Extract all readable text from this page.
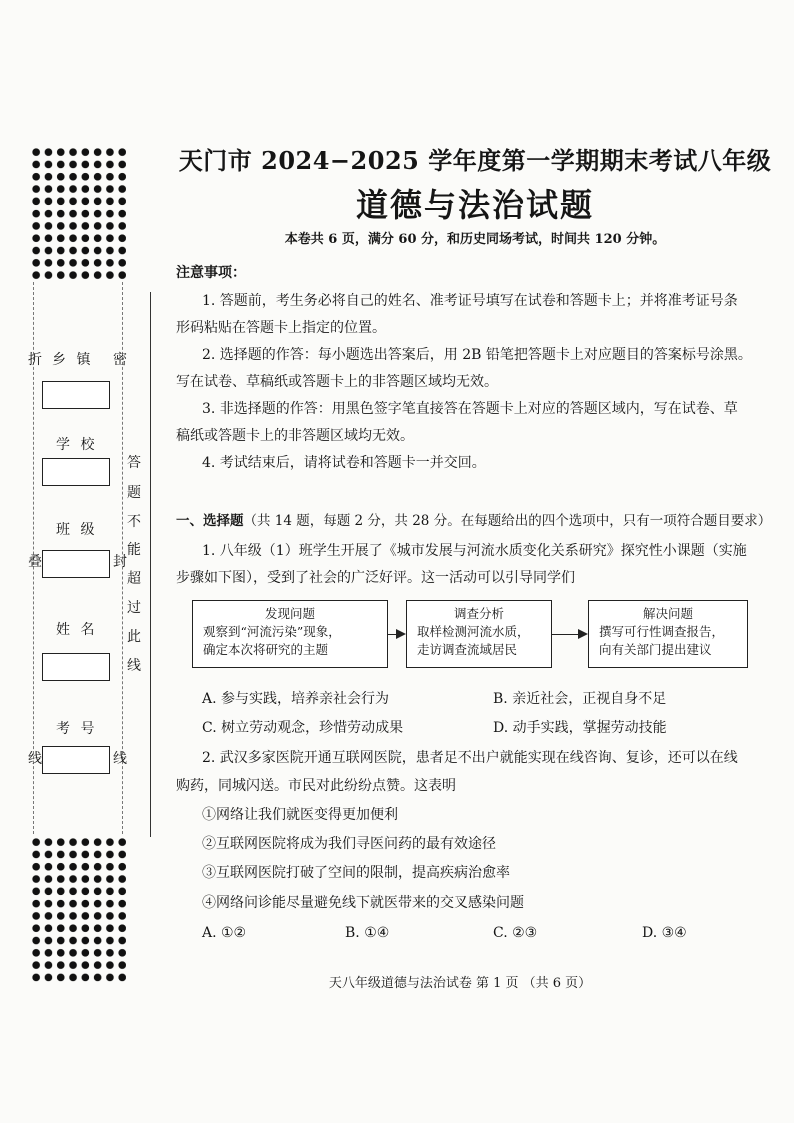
折
叠
线
密
封
线
答
题
不
能
超
过
此
线
乡 镇
学 校
班 级
姓 名
考 号
天门市 2024−2025 学年度第一学期期末考试八年级
道德与法治试题
本卷共 6 页，满分 60 分，和历史同场考试，时间共 120 分钟。
注意事项：
1. 答题前，考生务必将自己的姓名、准考证号填写在试卷和答题卡上；并将准考证号条
形码粘贴在答题卡上指定的位置。
2. 选择题的作答：每小题选出答案后，用 2B 铅笔把答题卡上对应题目的答案标号涂黑。
写在试卷、草稿纸或答题卡上的非答题区域均无效。
3. 非选择题的作答：用黑色签字笔直接答在答题卡上对应的答题区域内，写在试卷、草
稿纸或答题卡上的非答题区域均无效。
4. 考试结束后，请将试卷和答题卡一并交回。
一、选择题（共 14 题，每题 2 分，共 28 分。在每题给出的四个选项中，只有一项符合题目要求）
1. 八年级（1）班学生开展了《城市发展与河流水质变化关系研究》探究性小课题（实施
步骤如下图），受到了社会的广泛好评。这一活动可以引导同学们
发现问题
观察到“河流污染”现象，
确定本次将研究的主题
调查分析
取样检测河流水质，
走访调查流域居民
解决问题
撰写可行性调查报告，
向有关部门提出建议
A. 参与实践，培养亲社会行为	B. 亲近社会，正视自身不足
C. 树立劳动观念，珍惜劳动成果	D. 动手实践，掌握劳动技能
2. 武汉多家医院开通互联网医院，患者足不出户就能实现在线咨询、复诊，还可以在线
购药，同城闪送。市民对此纷纷点赞。这表明
①网络让我们就医变得更加便利
②互联网医院将成为我们寻医问药的最有效途径
③互联网医院打破了空间的限制，提高疾病治愈率
④网络问诊能尽量避免线下就医带来的交叉感染问题
A. ①②	B. ①④	C. ②③	D. ③④
天八年级道德与法治试卷 第 1 页 （共 6 页）
